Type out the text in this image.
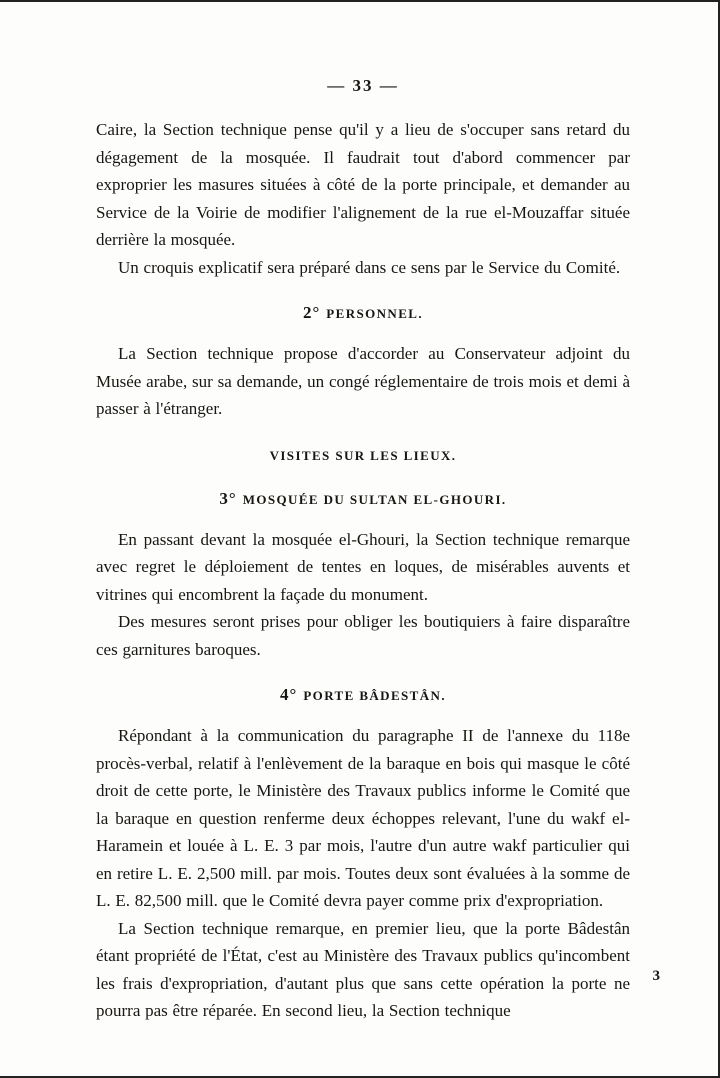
— 33 —

Caire, la Section technique pense qu'il y a lieu de s'occuper sans retard du dégagement de la mosquée. Il faudrait tout d'abord commencer par exproprier les masures situées à côté de la porte principale, et demander au Service de la Voirie de modifier l'alignement de la rue el-Mouzaffar située derrière la mosquée.

Un croquis explicatif sera préparé dans ce sens par le Service du Comité.

2° PERSONNEL.

La Section technique propose d'accorder au Conservateur adjoint du Musée arabe, sur sa demande, un congé réglementaire de trois mois et demi à passer à l'étranger.

VISITES SUR LES LIEUX.
3° MOSQUÉE DU SULTAN EL-GHOURI.

En passant devant la mosquée el-Ghouri, la Section technique remarque avec regret le déploiement de tentes en loques, de misérables auvents et vitrines qui encombrent la façade du monument.

Des mesures seront prises pour obliger les boutiquiers à faire disparaître ces garnitures baroques.

4° PORTE BÂDESTÂN.

Répondant à la communication du paragraphe II de l'annexe du 118e procès-verbal, relatif à l'enlèvement de la baraque en bois qui masque le côté droit de cette porte, le Ministère des Travaux publics informe le Comité que la baraque en question renferme deux échoppes relevant, l'une du wakf el-Haramein et louée à L. E. 3 par mois, l'autre d'un autre wakf particulier qui en retire L. E. 2,500 mill. par mois. Toutes deux sont évaluées à la somme de L. E. 82,500 mill. que le Comité devra payer comme prix d'expropriation.

La Section technique remarque, en premier lieu, que la porte Bâdestân étant propriété de l'État, c'est au Ministère des Travaux publics qu'incombent les frais d'expropriation, d'autant plus que sans cette opération la porte ne pourra pas être réparée. En second lieu, la Section technique

3
